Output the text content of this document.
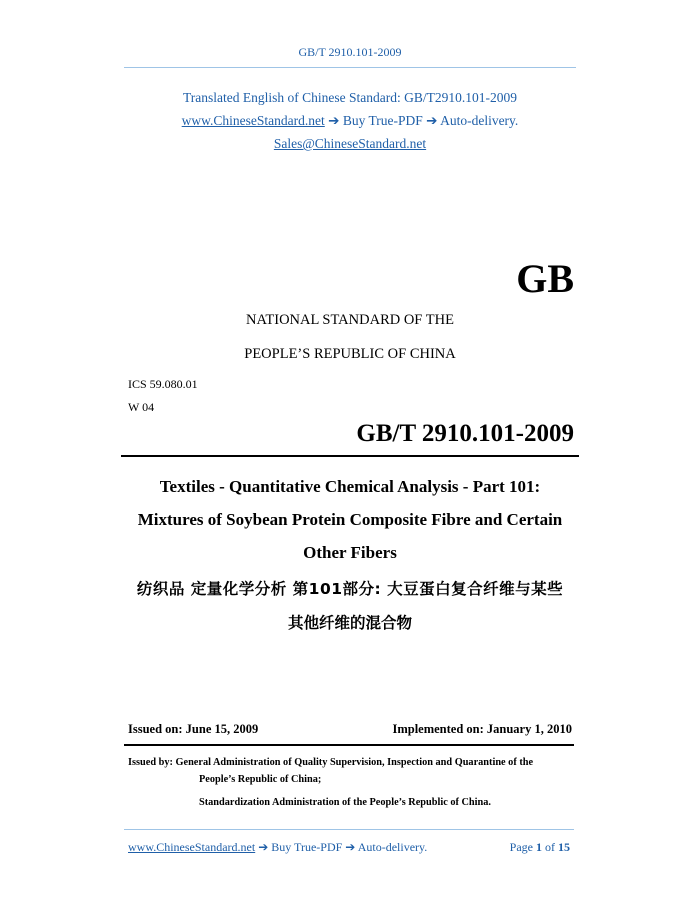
GB/T 2910.101-2009
Translated English of Chinese Standard: GB/T2910.101-2009
www.ChineseStandard.net ➔ Buy True-PDF ➔ Auto-delivery.
Sales@ChineseStandard.net
GB
NATIONAL STANDARD OF THE
PEOPLE’S REPUBLIC OF CHINA
ICS 59.080.01
W 04
GB/T 2910.101-2009
Textiles - Quantitative Chemical Analysis - Part 101:
Mixtures of Soybean Protein Composite Fibre and Certain
Other Fibers
纺织品 定量化学分析 第101部分: 大豆蛋白复合纤维与某些
其他纤维的混合物
Issued on: June 15, 2009	Implemented on: January 1, 2010
Issued by: General Administration of Quality Supervision, Inspection and Quarantine of the
People’s Republic of China;
Standardization Administration of the People’s Republic of China.
www.ChineseStandard.net ➔ Buy True-PDF ➔ Auto-delivery.	Page 1 of 15
